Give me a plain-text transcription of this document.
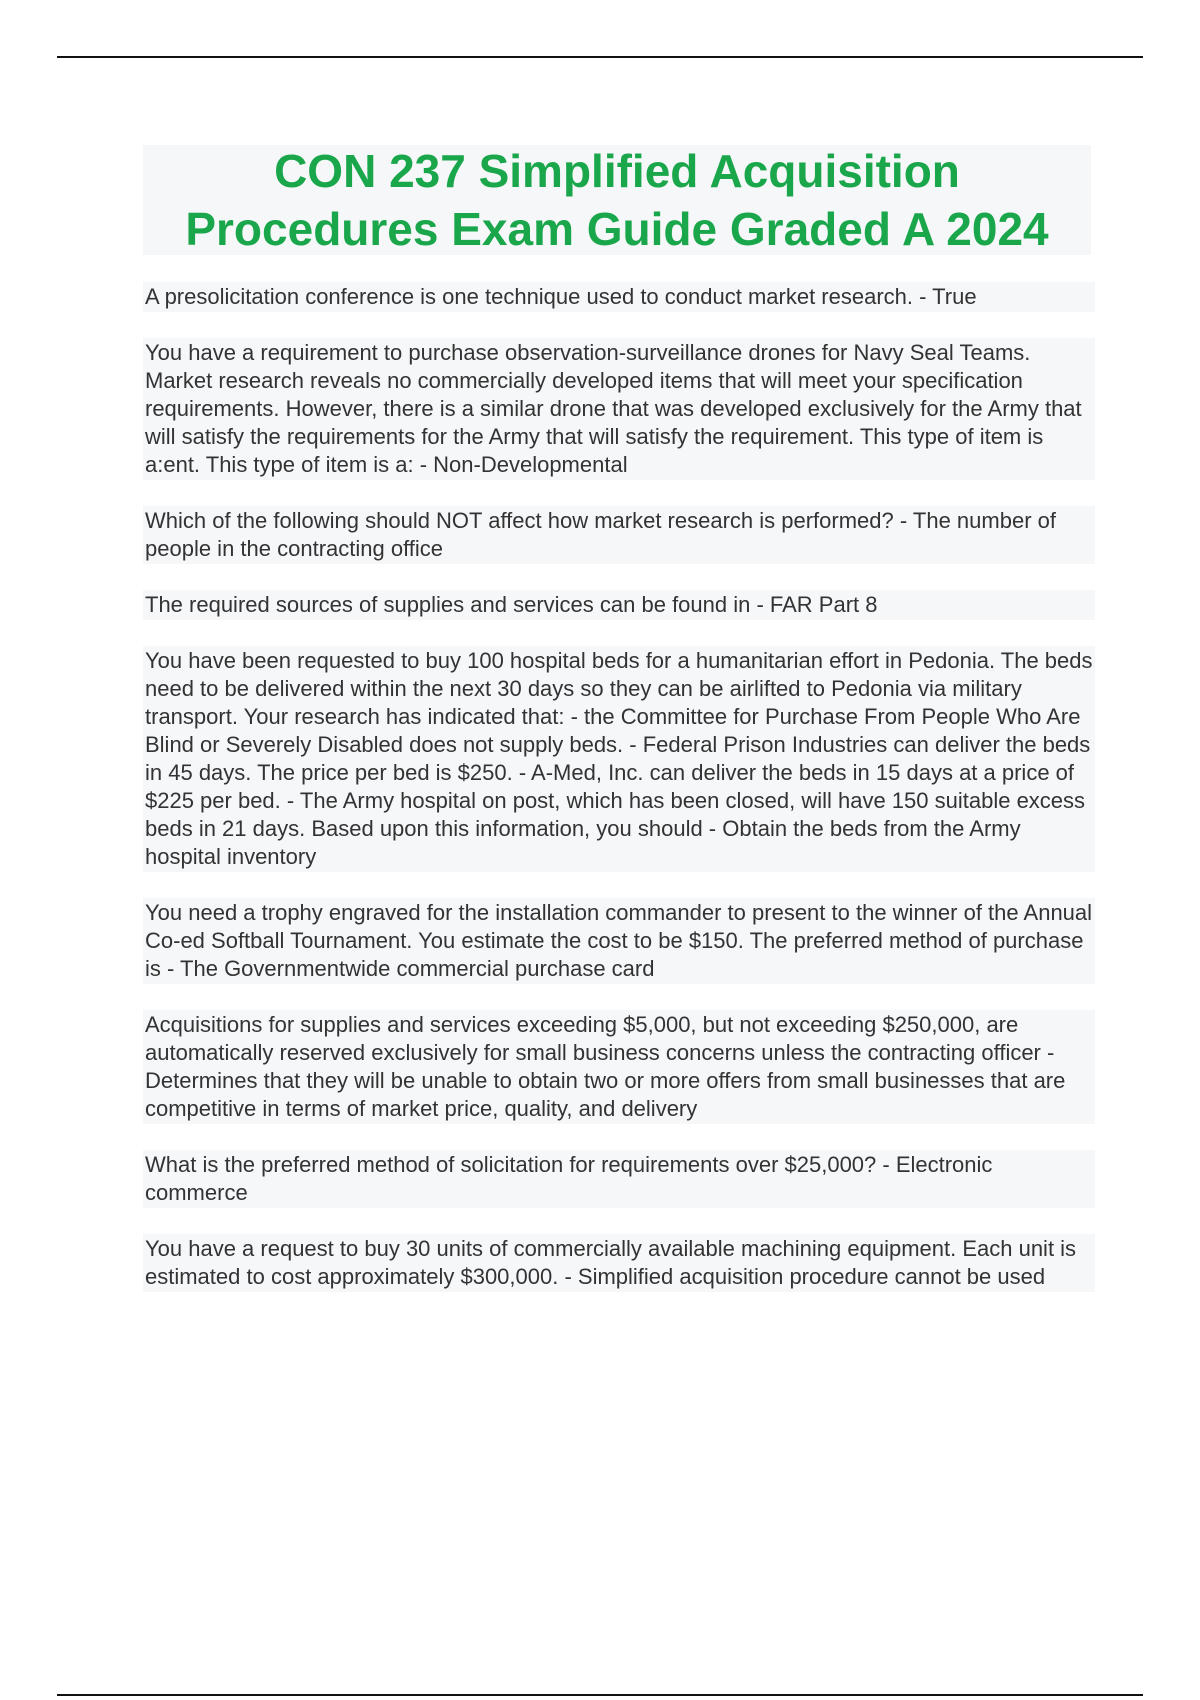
CON 237 Simplified Acquisition Procedures Exam Guide Graded A 2024

A presolicitation conference is one technique used to conduct market research. - True

You have a requirement to purchase observation-surveillance drones for Navy Seal Teams. Market research reveals no commercially developed items that will meet your specification requirements. However, there is a similar drone that was developed exclusively for the Army that will satisfy the requirements for the Army that will satisfy the requirement. This type of item is a:ent. This type of item is a: - Non-Developmental

Which of the following should NOT affect how market research is performed? - The number of people in the contracting office

The required sources of supplies and services can be found in - FAR Part 8

You have been requested to buy 100 hospital beds for a humanitarian effort in Pedonia. The beds need to be delivered within the next 30 days so they can be airlifted to Pedonia via military transport. Your research has indicated that: - the Committee for Purchase From People Who Are Blind or Severely Disabled does not supply beds. - Federal Prison Industries can deliver the beds in 45 days. The price per bed is $250. - A-Med, Inc. can deliver the beds in 15 days at a price of $225 per bed. - The Army hospital on post, which has been closed, will have 150 suitable excess beds in 21 days. Based upon this information, you should - Obtain the beds from the Army hospital inventory

You need a trophy engraved for the installation commander to present to the winner of the Annual Co-ed Softball Tournament. You estimate the cost to be $150. The preferred method of purchase is - The Governmentwide commercial purchase card

Acquisitions for supplies and services exceeding $5,000, but not exceeding $250,000, are automatically reserved exclusively for small business concerns unless the contracting officer - Determines that they will be unable to obtain two or more offers from small businesses that are competitive in terms of market price, quality, and delivery

What is the preferred method of solicitation for requirements over $25,000? - Electronic commerce

You have a request to buy 30 units of commercially available machining equipment. Each unit is estimated to cost approximately $300,000. - Simplified acquisition procedure cannot be used
